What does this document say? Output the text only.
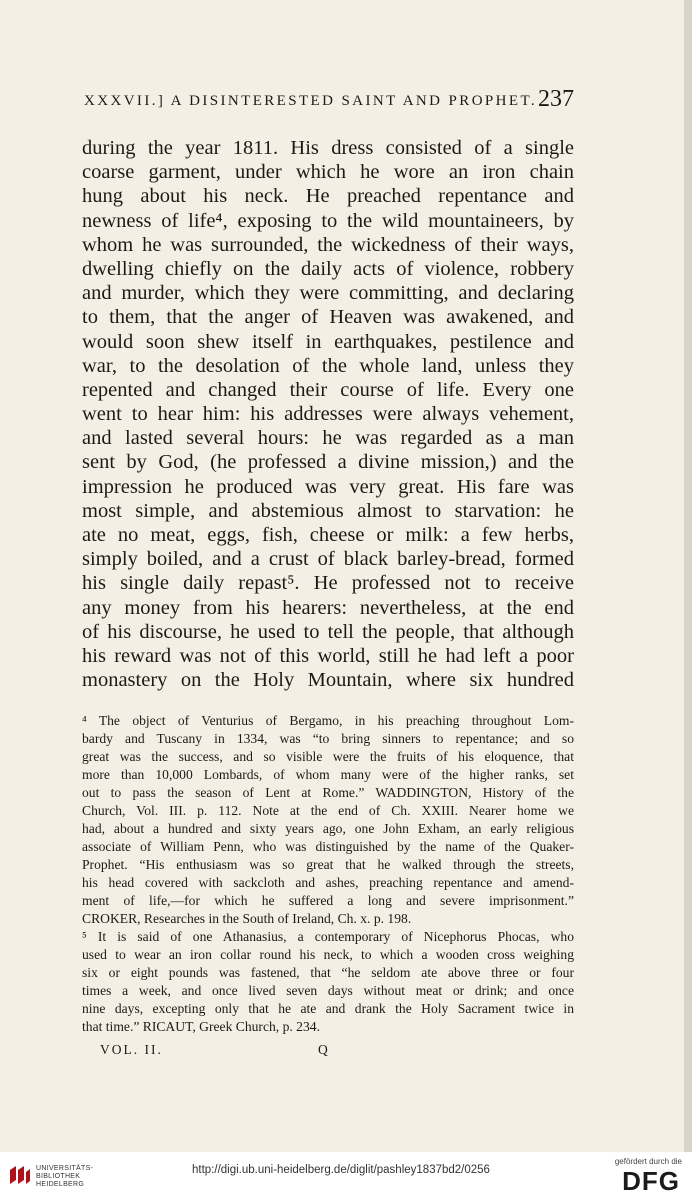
XXXVII.] A DISINTERESTED SAINT AND PROPHET. 237
during the year 1811. His dress consisted of a single
coarse garment, under which he wore an iron chain
hung about his neck. He preached repentance and
newness of life⁴, exposing to the wild mountaineers, by
whom he was surrounded, the wickedness of their ways,
dwelling chiefly on the daily acts of violence, robbery
and murder, which they were committing, and declaring
to them, that the anger of Heaven was awakened, and
would soon shew itself in earthquakes, pestilence and
war, to the desolation of the whole land, unless they
repented and changed their course of life. Every one
went to hear him: his addresses were always vehement,
and lasted several hours: he was regarded as a man
sent by God, (he professed a divine mission,) and the
impression he produced was very great. His fare was
most simple, and abstemious almost to starvation: he
ate no meat, eggs, fish, cheese or milk: a few herbs,
simply boiled, and a crust of black barley-bread, formed
his single daily repast⁵. He professed not to receive
any money from his hearers: nevertheless, at the end
of his discourse, he used to tell the people, that although
his reward was not of this world, still he had left a poor
monastery on the Holy Mountain, where six hundred
⁴ The object of Venturius of Bergamo, in his preaching throughout Lom-
bardy and Tuscany in 1334, was “to bring sinners to repentance; and so
great was the success, and so visible were the fruits of his eloquence, that
more than 10,000 Lombards, of whom many were of the higher ranks, set
out to pass the season of Lent at Rome.” WADDINGTON, History of the
Church, Vol. III. p. 112. Note at the end of Ch. XXIII. Nearer home we
had, about a hundred and sixty years ago, one John Exham, an early religious
associate of William Penn, who was distinguished by the name of the Quaker-
Prophet. “His enthusiasm was so great that he walked through the streets,
his head covered with sackcloth and ashes, preaching repentance and amend-
ment of life,—for which he suffered a long and severe imprisonment.”
CROKER, Researches in the South of Ireland, Ch. x. p. 198.
⁵ It is said of one Athanasius, a contemporary of Nicephorus Phocas, who
used to wear an iron collar round his neck, to which a wooden cross weighing
six or eight pounds was fastened, that “he seldom ate above three or four
times a week, and once lived seven days without meat or drink; and once
nine days, excepting only that he ate and drank the Holy Sacrament twice in
that time.” RICAUT, Greek Church, p. 234.
VOL. II.	Q
UNIVERSITÄTS-
BIBLIOTHEK
HEIDELBERG
http://digi.ub.uni-heidelberg.de/diglit/pashley1837bd2/0256
gefördert durch die
DFG
